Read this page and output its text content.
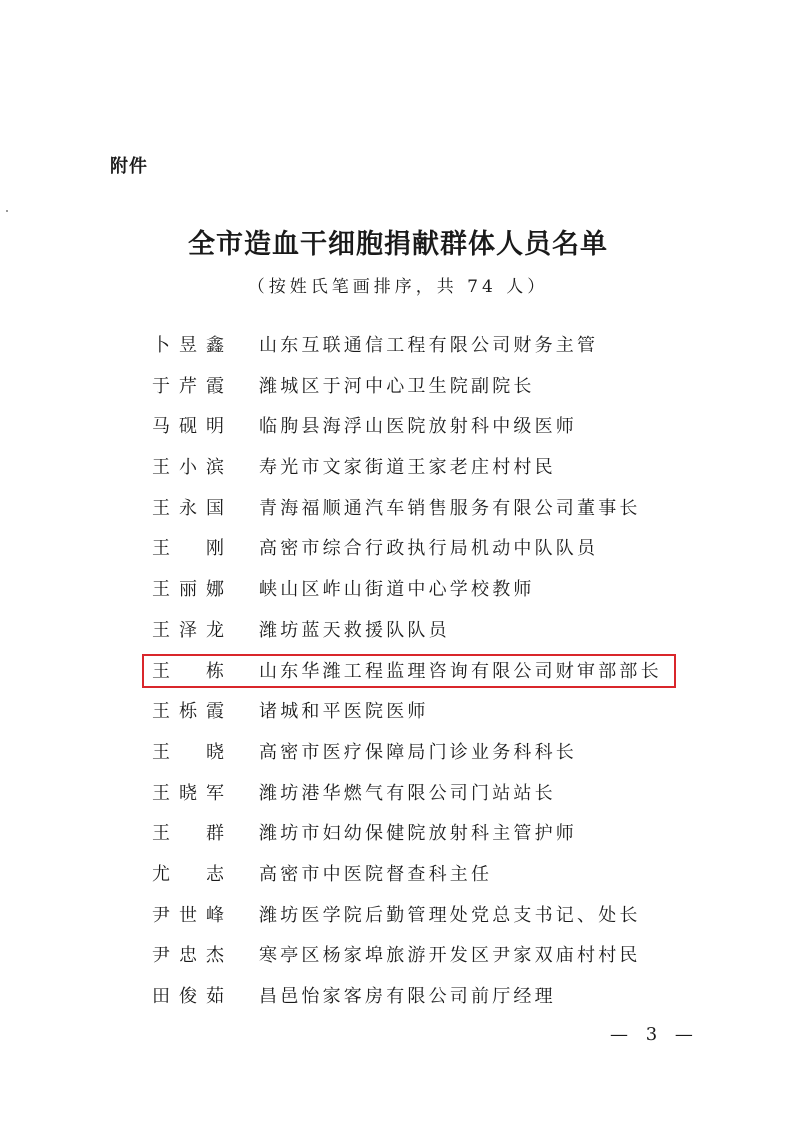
附件
全市造血干细胞捐献群体人员名单
（按姓氏笔画排序，共 74 人）
卜昱鑫 山东互联通信工程有限公司财务主管
于芹霞 潍城区于河中心卫生院副院长
马砚明 临朐县海浮山医院放射科中级医师
王小滨 寿光市文家街道王家老庄村村民
王永国 青海福顺通汽车销售服务有限公司董事长
王刚 高密市综合行政执行局机动中队队员
王丽娜 峡山区岞山街道中心学校教师
王泽龙 潍坊蓝天救援队队员
王栋 山东华潍工程监理咨询有限公司财审部部长
王栎霞 诸城和平医院医师
王晓 高密市医疗保障局门诊业务科科长
王晓军 潍坊港华燃气有限公司门站站长
王群 潍坊市妇幼保健院放射科主管护师
尤志 高密市中医院督查科主任
尹世峰 潍坊医学院后勤管理处党总支书记、处长
尹忠杰 寒亭区杨家埠旅游开发区尹家双庙村村民
田俊茹 昌邑怡家客房有限公司前厅经理
— 3 —
